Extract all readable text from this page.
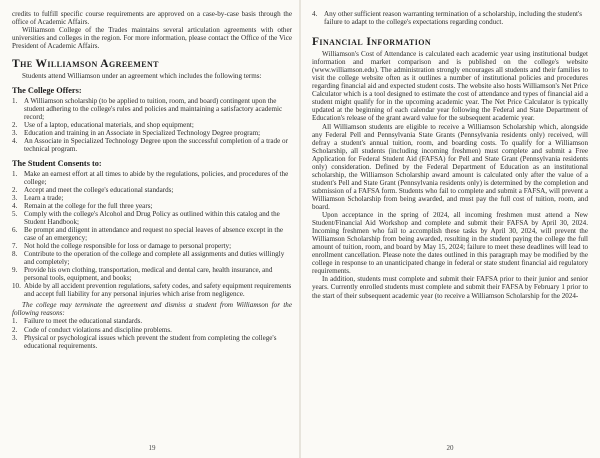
credits to fulfill specific course requirements are approved on a case-by-case basis through the office of Academic Affairs.

Williamson College of the Trades maintains several articulation agreements with other universities and colleges in the region. For more information, please contact the Office of the Vice President of Academic Affairs.

The Williamson Agreement

Students attend Williamson under an agreement which includes the following terms:

The College Offers:
1. A Williamson scholarship (to be applied to tuition, room, and board) contingent upon the student adhering to the college's rules and policies and maintaining a satisfactory academic record;
2. Use of a laptop, educational materials, and shop equipment;
3. Education and training in an Associate in Specialized Technology Degree program;
4. An Associate in Specialized Technology Degree upon the successful completion of a trade or technical program.
The Student Consents to:
1. Make an earnest effort at all times to abide by the regulations, policies, and procedures of the college;
2. Accept and meet the college's educational standards;
3. Learn a trade;
4. Remain at the college for the full three years;
5. Comply with the college's Alcohol and Drug Policy as outlined within this catalog and the Student Handbook;
6. Be prompt and diligent in attendance and request no special leaves of absence except in the case of an emergency;
7. Not hold the college responsible for loss or damage to personal property;
8. Contribute to the operation of the college and complete all assignments and duties willingly and completely;
9. Provide his own clothing, transportation, medical and dental care, health insurance, and personal tools, equipment, and books;
10. Abide by all accident prevention regulations, safety codes, and safety equipment requirements and accept full liability for any personal injuries which arise from negligence.

The college may terminate the agreement and dismiss a student from Williamson for the following reasons:

1. Failure to meet the educational standards.
2. Code of conduct violations and discipline problems.
3. Physical or psychological issues which prevent the student from completing the college's educational requirements.
19
4. Any other sufficient reason warranting termination of a scholarship, including the student's failure to adapt to the college's expectations regarding conduct.
Financial Information

Williamson's Cost of Attendance is calculated each academic year using institutional budget information and market comparison and is published on the college's website (www.williamson.edu). The administration strongly encourages all students and their families to visit the college website often as it outlines a number of institutional policies and procedures regarding financial aid and expected student costs. The website also hosts Williamson's Net Price Calculator which is a tool designed to estimate the cost of attendance and types of financial aid a student might qualify for in the upcoming academic year. The Net Price Calculator is typically updated at the beginning of each calendar year following the Federal and State Department of Education's release of the grant award value for the subsequent academic year.

All Williamson students are eligible to receive a Williamson Scholarship which, alongside any Federal Pell and Pennsylvania State Grants (Pennsylvania residents only) received, will defray a student's annual tuition, room, and boarding costs. To qualify for a Williamson Scholarship, all students (including incoming freshmen) must complete and submit a Free Application for Federal Student Aid (FAFSA) for Pell and State Grant (Pennsylvania residents only) consideration. Defined by the Federal Department of Education as an institutional scholarship, the Williamson Scholarship award amount is calculated only after the value of a student's Pell and State Grant (Pennsylvania residents only) is determined by the completion and submission of a FAFSA form. Students who fail to complete and submit a FAFSA, will prevent a Williamson Scholarship from being awarded, and must pay the full cost of tuition, room, and board.

Upon acceptance in the spring of 2024, all incoming freshmen must attend a New Student/Financial Aid Workshop and complete and submit their FAFSA by April 30, 2024. Incoming freshmen who fail to accomplish these tasks by April 30, 2024, will prevent the Williamson Scholarship from being awarded, resulting in the student paying the college the full amount of tuition, room, and board by May 15, 2024; failure to meet these deadlines will lead to enrollment cancellation. Please note the dates outlined in this paragraph may be modified by the college in response to an unanticipated change in federal or state student financial aid regulatory requirements.

In addition, students must complete and submit their FAFSA prior to their junior and senior years. Currently enrolled students must complete and submit their FAFSA by February 1 prior to the start of their subsequent academic year (to receive a Williamson Scholarship for the 2024-

20
